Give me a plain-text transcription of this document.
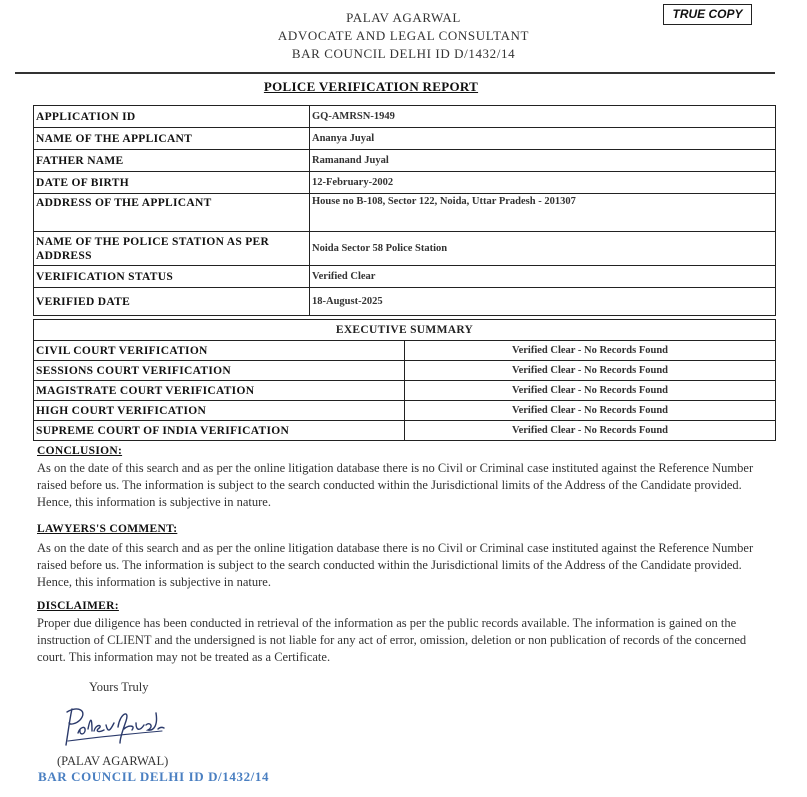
PALAV AGARWAL
ADVOCATE AND LEGAL CONSULTANT
BAR COUNCIL DELHI ID D/1432/14
TRUE COPY
POLICE VERIFICATION REPORT
APPLICATION ID	GQ-AMRSN-1949
NAME OF THE APPLICANT	Ananya Juyal
FATHER NAME	Ramanand Juyal
DATE OF BIRTH	12-February-2002
ADDRESS OF THE APPLICANT	House no B-108, Sector 122, Noida, Uttar Pradesh - 201307
NAME OF THE POLICE STATION AS PER ADDRESS	Noida Sector 58 Police Station
VERIFICATION STATUS	Verified Clear
VERIFIED DATE	18-August-2025
EXECUTIVE SUMMARY	
CIVIL COURT VERIFICATION	Verified Clear - No Records Found
SESSIONS COURT VERIFICATION	Verified Clear - No Records Found
MAGISTRATE COURT VERIFICATION	Verified Clear - No Records Found
HIGH COURT VERIFICATION	Verified Clear - No Records Found
SUPREME COURT OF INDIA VERIFICATION	Verified Clear - No Records Found
CONCLUSION:
As on the date of this search and as per the online litigation database there is no Civil or Criminal case instituted against the Reference Number raised before us. The information is subject to the search conducted within the Jurisdictional limits of the Address of the Candidate provided. Hence, this information is subjective in nature.
LAWYERS'S COMMENT:
As on the date of this search and as per the online litigation database there is no Civil or Criminal case instituted against the Reference Number raised before us. The information is subject to the search conducted within the Jurisdictional limits of the Address of the Candidate provided. Hence, this information is subjective in nature.
DISCLAIMER:
Proper due diligence has been conducted in retrieval of the information as per the public records available. The information is gained on the instruction of CLIENT and the undersigned is not liable for any act of error, omission, deletion or non publication of records of the concerned court. This information may not be treated as a Certificate.
Yours Truly
(PALAV AGARWAL)
BAR COUNCIL DELHI ID D/1432/14
